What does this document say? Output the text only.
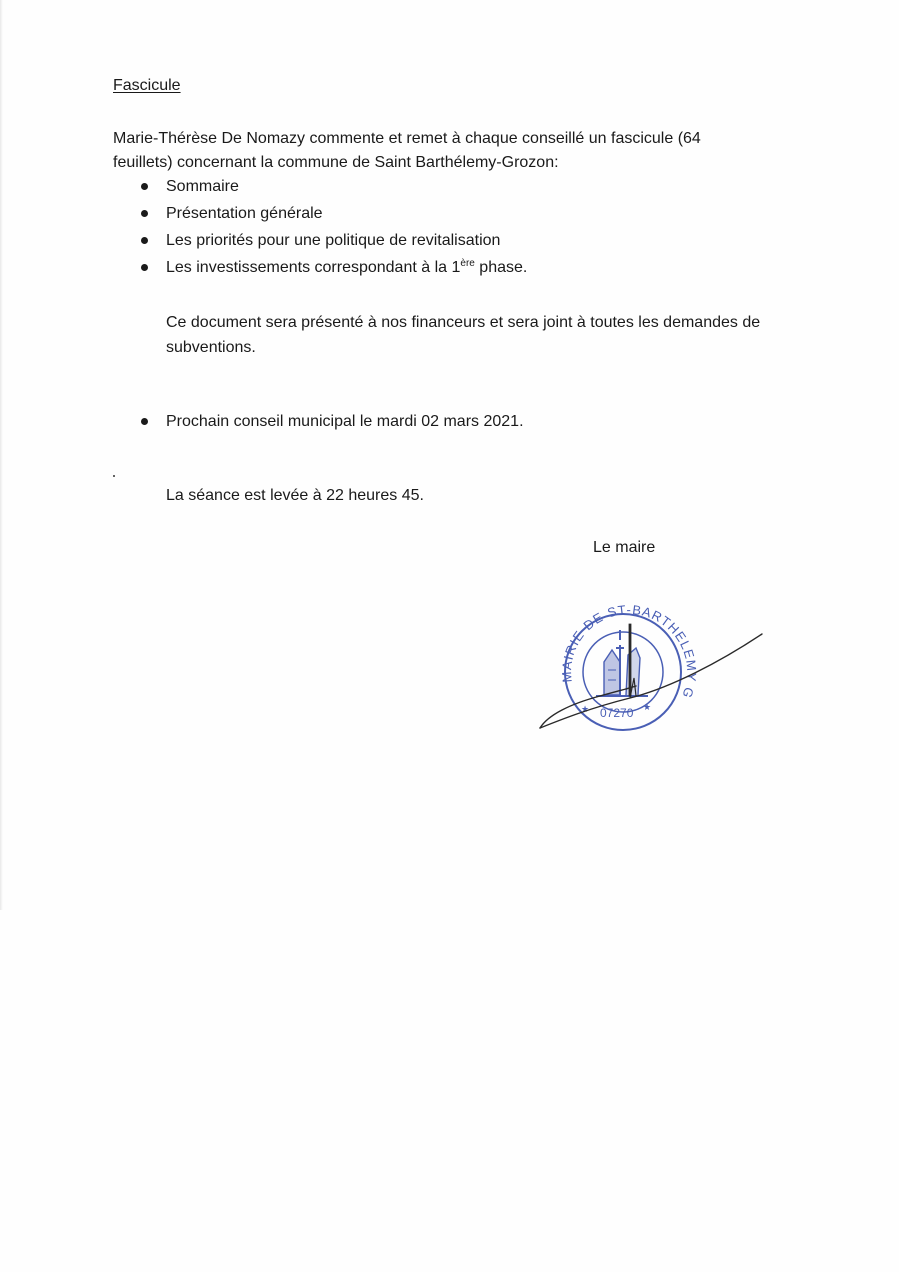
Fascicule
Marie-Thérèse De Nomazy commente et remet à chaque conseillé un fascicule (64 feuillets) concernant la commune de Saint Barthélemy-Grozon:
Sommaire
Présentation générale
Les priorités pour une politique de revitalisation
Les investissements correspondant à la 1ère phase.
Ce document sera présenté à nos financeurs et sera joint à toutes les demandes de subventions.
Prochain conseil municipal le mardi 02 mars 2021.
La séance est levée à 22 heures 45.
Le maire
MAIRIE DE ST-BARTHELEMY G
07270
★	★
